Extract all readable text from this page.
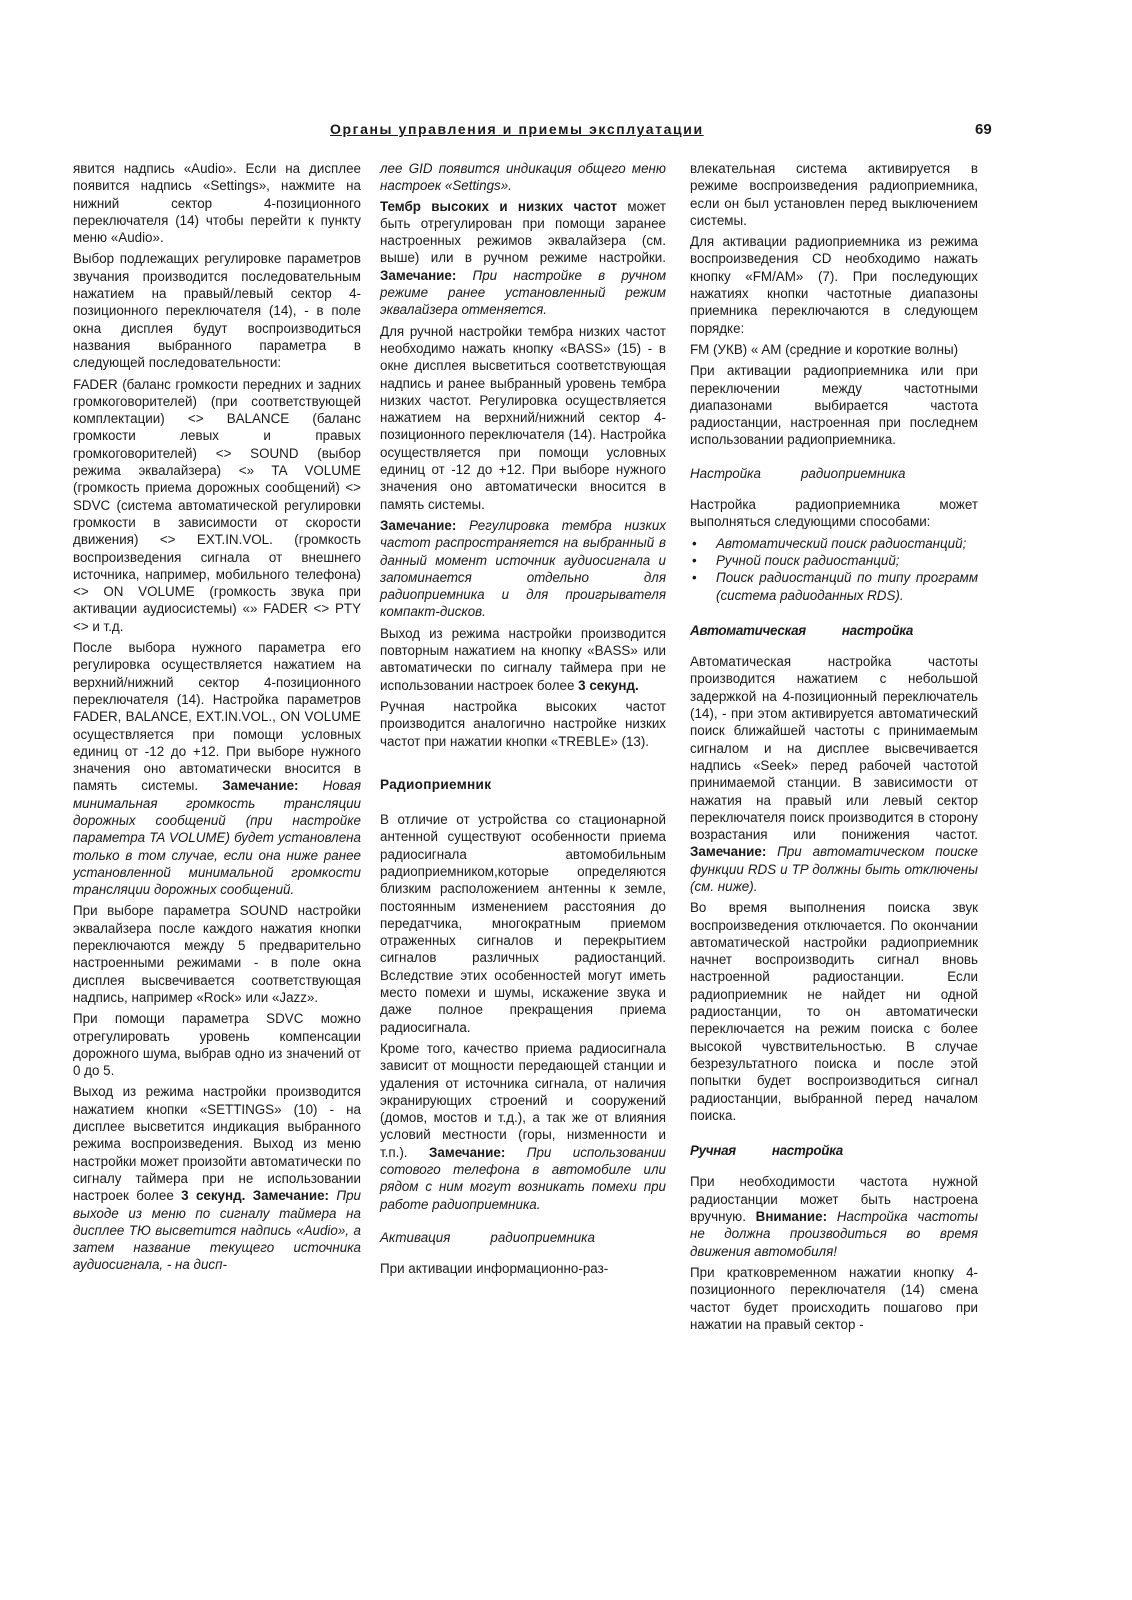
Органы управления и приемы эксплуатации	69

явится надпись «Audio». Если на дисплее появится надпись «Settings», нажмите на нижний сектор 4-позиционного переключателя (14) чтобы перейти к пункту меню «Audio».

Выбор подлежащих регулировке параметров звучания производится последовательным нажатием на правый/левый сектор 4-позиционного переключателя (14), - в поле окна дисплея будут воспроизводиться названия выбранного параметра в следующей последовательности:

FADER (баланс громкости передних и задних громкоговорителей) (при соответствующей комплектации) <> BALANCE (баланс громкости левых и правых громкоговорителей) <> SOUND (выбор режима эквалайзера) <» TA VOLUME (громкость приема дорожных сообщений) <> SDVC (система автоматической регулировки громкости в зависимости от скорости движения) <> EXT.IN.VOL. (громкость воспроизведения сигнала от внешнего источника, например, мобильного телефона) <> ON VOLUME (громкость звука при активации аудиосистемы) «» FADER <> PTY <> и т.д.

После выбора нужного параметра его регулировка осуществляется нажатием на верхний/нижний сектор 4-позиционного переключателя (14). Настройка параметров FADER, BALANCE, EXT.IN.VOL., ON VOLUME осуществляется при помощи условных единиц от -12 до +12. При выборе нужного значения оно автоматически вносится в память системы. Замечание: Новая минимальная громкость трансляции дорожных сообщений (при настройке параметра TA VOLUME) будет установлена только в том случае, если она ниже ранее установленной минимальной громкости трансляции дорожных сообщений.

При выборе параметра SOUND настройки эквалайзера после каждого нажатия кнопки переключаются между 5 предварительно настроенными режимами - в поле окна дисплея высвечивается соответствующая надпись, например «Rock» или «Jazz».

При помощи параметра SDVC можно отрегулировать уровень компенсации дорожного шума, выбрав одно из значений от 0 до 5.

Выход из режима настройки производится нажатием кнопки «SETTINGS» (10) - на дисплее высветится индикация выбранного режима воспроизведения. Выход из меню настройки может произойти автоматически по сигналу таймера при не использовании настроек более 3 секунд. Замечание: При выходе из меню по сигналу таймера на дисплее ТЮ высветится надпись «Audio», а затем название текущего источника аудиосигнала, - на дисп-

лее GID появится индикация общего меню настроек «Settings».

Тембр высоких и низких частот может быть отрегулирован при помощи заранее настроенных режимов эквалайзера (см. выше) или в ручном режиме настройки. Замечание: При настройке в ручном режиме ранее установленный режим эквалайзера отменяется.

Для ручной настройки тембра низких частот необходимо нажать кнопку «BASS» (15) - в окне дисплея высветиться соответствующая надпись и ранее выбранный уровень тембра низких частот. Регулировка осуществляется нажатием на верхний/нижний сектор 4-позиционного переключателя (14). Настройка осуществляется при помощи условных единиц от -12 до +12. При выборе нужного значения оно автоматически вносится в память системы.

Замечание: Регулировка тембра низких частот распространяется на выбранный в данный момент источник аудиосигнала и запоминается отдельно для радиоприемника и для проигрывателя компакт-дисков.

Выход из режима настройки производится повторным нажатием на кнопку «BASS» или автоматически по сигналу таймера при не использовании настроек более 3 секунд.

Ручная настройка высоких частот производится аналогично настройке низких частот при нажатии кнопки «TREBLE» (13).

Радиоприемник

В отличие от устройства со стационарной антенной существуют особенности приема радиосигнала автомобильным радиоприемником,которые определяются близким расположением антенны к земле, постоянным изменением расстояния до передатчика, многократным приемом отраженных сигналов и перекрытием сигналов различных радиостанций. Вследствие этих особенностей могут иметь место помехи и шумы, искажение звука и даже полное прекращения приема радиосигнала.

Кроме того, качество приема радиосигнала зависит от мощности передающей станции и удаления от источника сигнала, от наличия экранирующих строений и сооружений (домов, мостов и т.д.), а так же от влияния условий местности (горы, низменности и т.п.). Замечание: При использовании сотового телефона в автомобиле или рядом с ним могут возникать помехи при работе радиоприемника.

Активация	радиоприемника

При активации информационно-раз-

влекательная система активируется в режиме воспроизведения радиоприемника, если он был установлен перед выключением системы.

Для активации радиоприемника из режима воспроизведения CD необходимо нажать кнопку «FM/AM» (7). При последующих нажатиях кнопки частотные диапазоны приемника переключаются в следующем порядке:

FM (УКВ) « AM (средние и короткие волны)

При активации радиоприемника или при переключении между частотными диапазонами выбирается частота радиостанции, настроенная при последнем использовании радиоприемника.

Настройка	радиоприемника

Настройка радиоприемника может выполняться следующими способами:

• Автоматический поиск радиостанций;
• Ручной поиск радиостанций;
• Поиск радиостанций по типу программ (система радиоданных RDS).
Автоматическая	настройка

Автоматическая настройка частоты производится нажатием с небольшой задержкой на 4-позиционный переключатель (14), - при этом активируется автоматический поиск ближайшей частоты с принимаемым сигналом и на дисплее высвечивается надпись «Seek» перед рабочей частотой принимаемой станции. В зависимости от нажатия на правый или левый сектор переключателя поиск производится в сторону возрастания или понижения частот. Замечание: При автоматическом поиске функции RDS и TP должны быть отключены (см. ниже).

Во время выполнения поиска звук воспроизведения отключается. По окончании автоматической настройки радиоприемник начнет воспроизводить сигнал вновь настроенной радиостанции. Если радиоприемник не найдет ни одной радиостанции, то он автоматически переключается на режим поиска с более высокой чувствительностью. В случае безрезультатного поиска и после этой попытки будет воспроизводиться сигнал радиостанции, выбранной перед началом поиска.

Ручная	настройка

При необходимости частота нужной радиостанции может быть настроена вручную. Внимание: Настройка частоты не должна производиться во время движения автомобиля!

При кратковременном нажатии кнопку 4-позиционного переключателя (14) смена частот будет происходить пошагово при нажатии на правый сектор -
